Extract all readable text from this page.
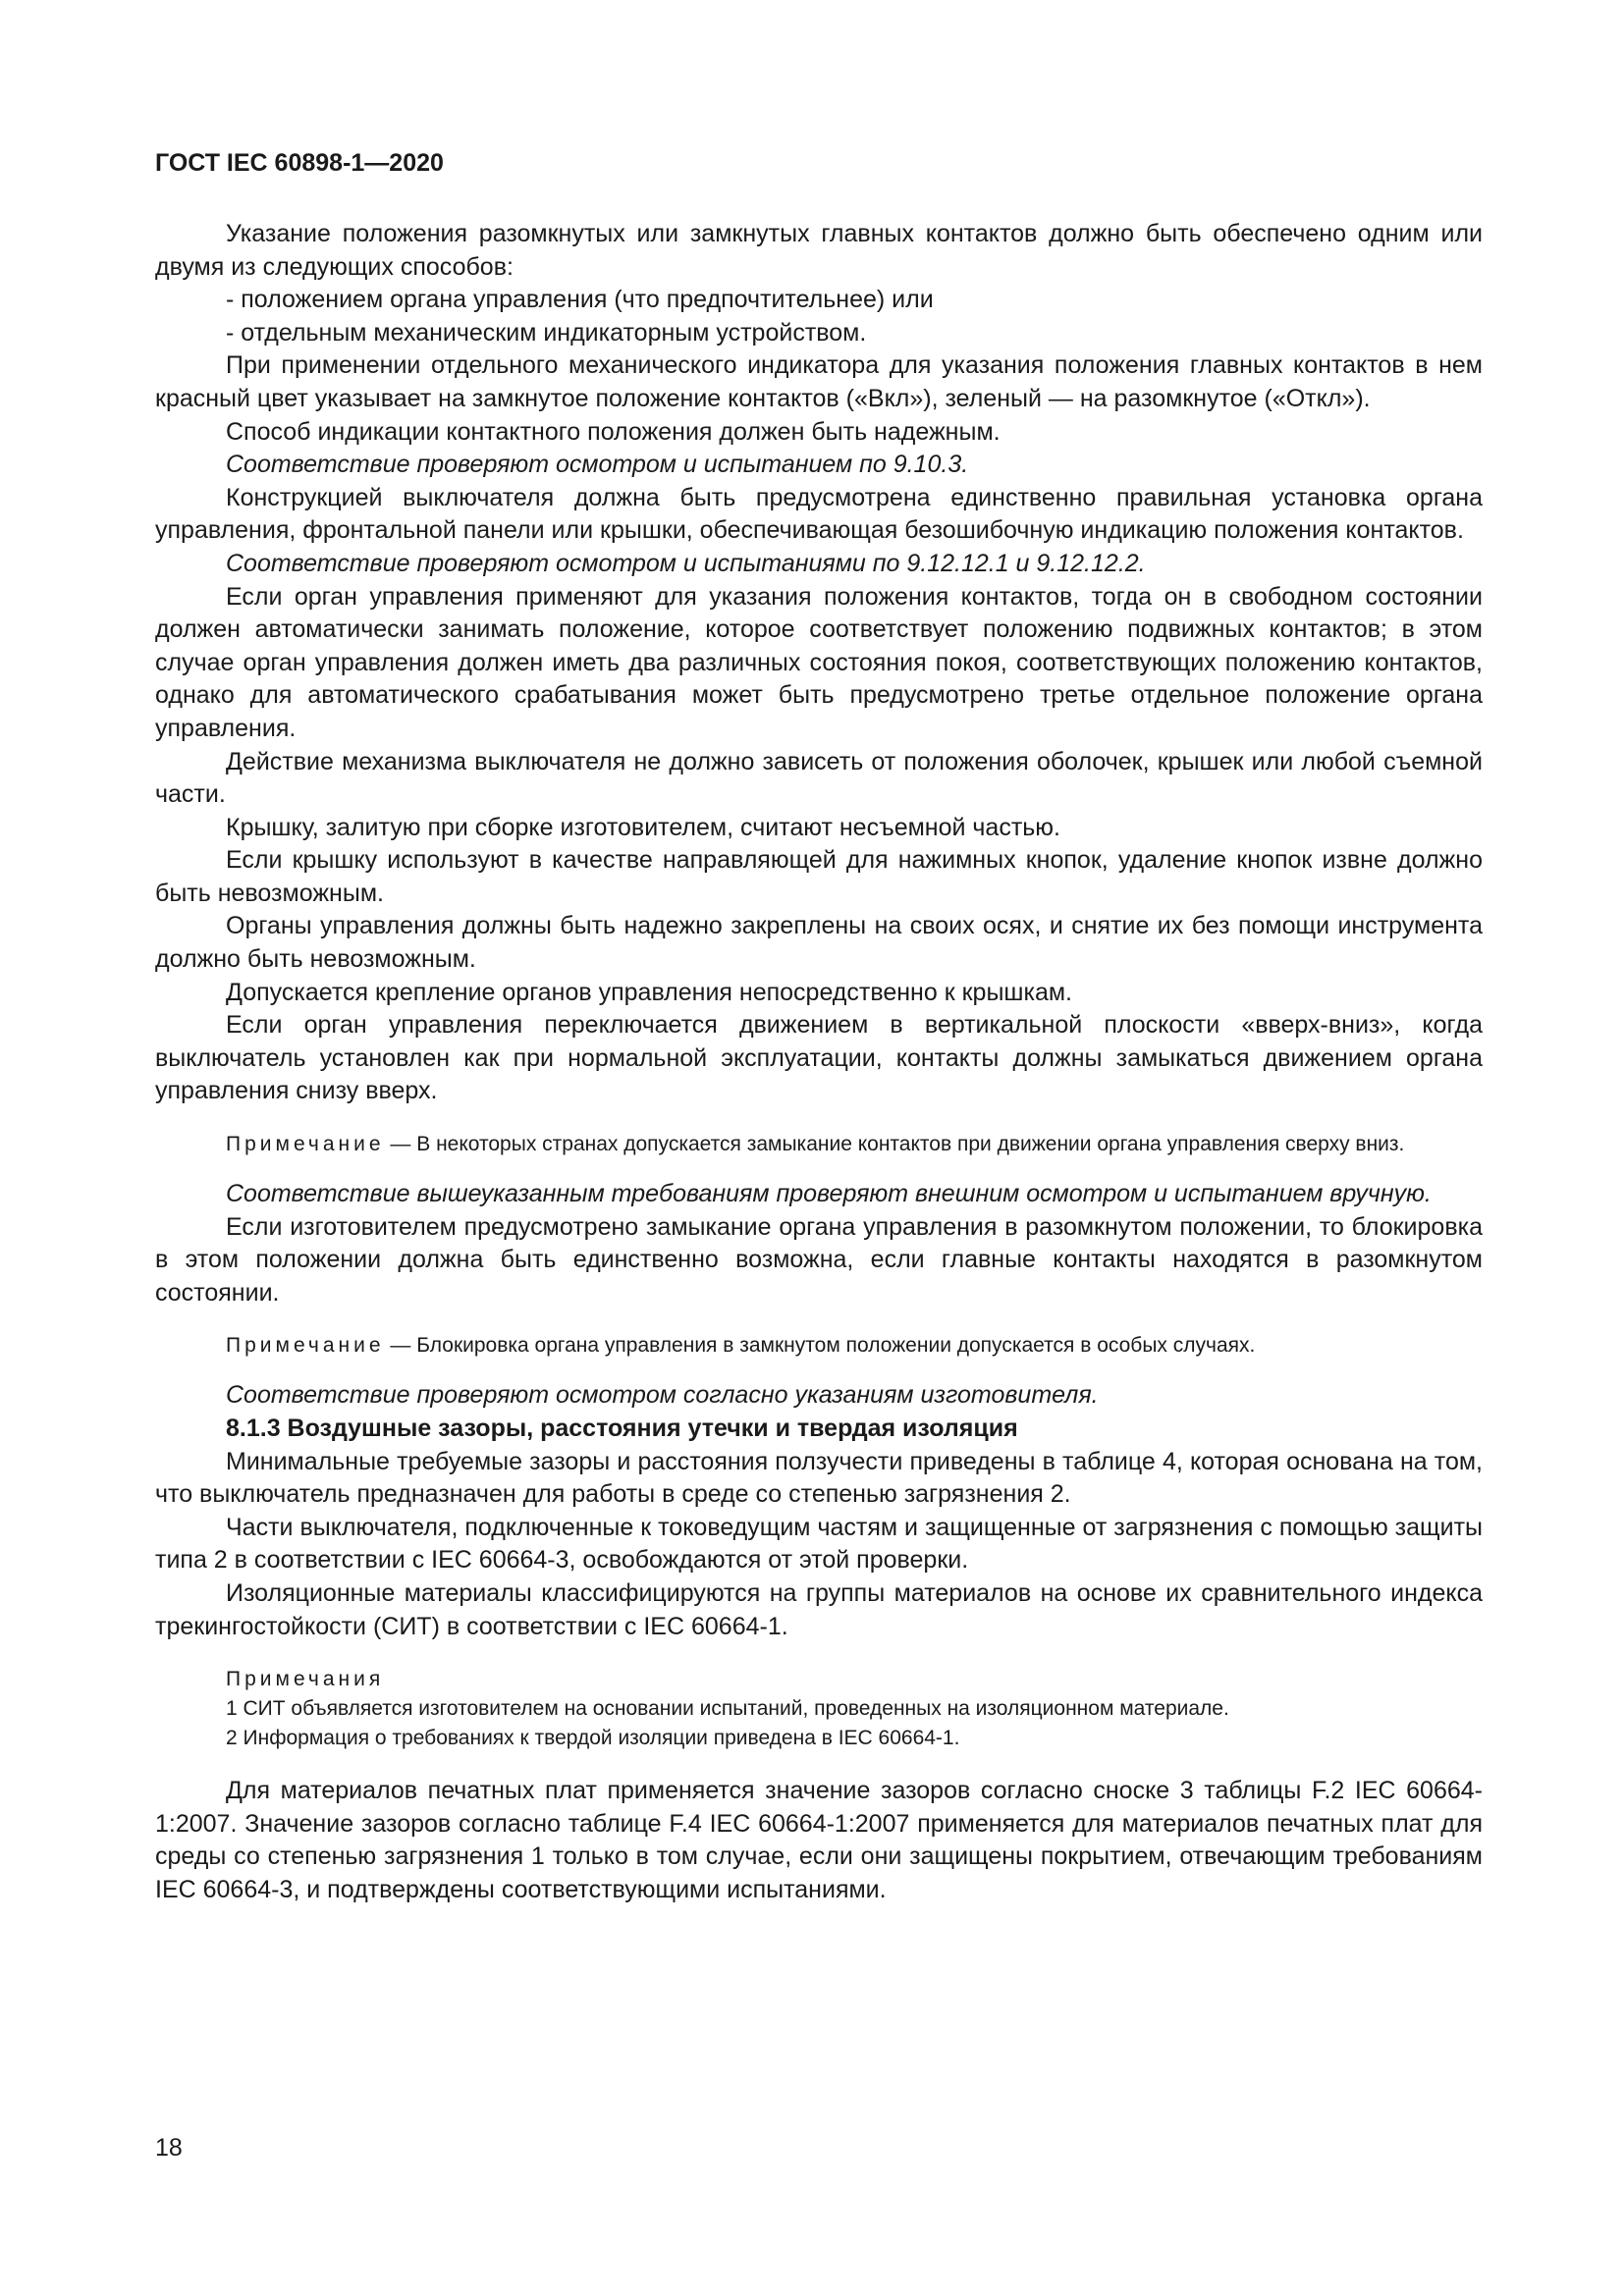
ГОСТ IEC 60898-1—2020

Указание положения разомкнутых или замкнутых главных контактов должно быть обеспечено одним или двумя из следующих способов:

- положением органа управления (что предпочтительнее) или

- отдельным механическим индикаторным устройством.

При применении отдельного механического индикатора для указания положения главных контактов в нем красный цвет указывает на замкнутое положение контактов («Вкл»), зеленый — на разомкнутое («Откл»).

Способ индикации контактного положения должен быть надежным.

Соответствие проверяют осмотром и испытанием по 9.10.3.

Конструкцией выключателя должна быть предусмотрена единственно правильная установка органа управления, фронтальной панели или крышки, обеспечивающая безошибочную индикацию положения контактов.

Соответствие проверяют осмотром и испытаниями по 9.12.12.1 и 9.12.12.2.

Если орган управления применяют для указания положения контактов, тогда он в свободном состоянии должен автоматически занимать положение, которое соответствует положению подвижных контактов; в этом случае орган управления должен иметь два различных состояния покоя, соответствующих положению контактов, однако для автоматического срабатывания может быть предусмотрено третье отдельное положение органа управления.

Действие механизма выключателя не должно зависеть от положения оболочек, крышек или любой съемной части.

Крышку, залитую при сборке изготовителем, считают несъемной частью.

Если крышку используют в качестве направляющей для нажимных кнопок, удаление кнопок извне должно быть невозможным.

Органы управления должны быть надежно закреплены на своих осях, и снятие их без помощи инструмента должно быть невозможным.

Допускается крепление органов управления непосредственно к крышкам.

Если орган управления переключается движением в вертикальной плоскости «вверх-вниз», когда выключатель установлен как при нормальной эксплуатации, контакты должны замыкаться движением органа управления снизу вверх.

Примечание — В некоторых странах допускается замыкание контактов при движении органа управления сверху вниз.

Соответствие вышеуказанным требованиям проверяют внешним осмотром и испытанием вручную.

Если изготовителем предусмотрено замыкание органа управления в разомкнутом положении, то блокировка в этом положении должна быть единственно возможна, если главные контакты находятся в разомкнутом состоянии.

Примечание — Блокировка органа управления в замкнутом положении допускается в особых случаях.

Соответствие проверяют осмотром согласно указаниям изготовителя.

8.1.3 Воздушные зазоры, расстояния утечки и твердая изоляция

Минимальные требуемые зазоры и расстояния ползучести приведены в таблице 4, которая основана на том, что выключатель предназначен для работы в среде со степенью загрязнения 2.

Части выключателя, подключенные к токоведущим частям и защищенные от загрязнения с помощью защиты типа 2 в соответствии с IEC 60664-3, освобождаются от этой проверки.

Изоляционные материалы классифицируются на группы материалов на основе их сравнительного индекса трекингостойкости (СИТ) в соответствии с IEC 60664-1.

Примечания
1 СИТ объявляется изготовителем на основании испытаний, проведенных на изоляционном материале.
2 Информация о требованиях к твердой изоляции приведена в IEC 60664-1.

Для материалов печатных плат применяется значение зазоров согласно сноске 3 таблицы F.2 IEC 60664-1:2007. Значение зазоров согласно таблице F.4 IEC 60664-1:2007 применяется для материалов печатных плат для среды со степенью загрязнения 1 только в том случае, если они защищены покрытием, отвечающим требованиям IEC 60664-3, и подтверждены соответствующими испытаниями.

18
